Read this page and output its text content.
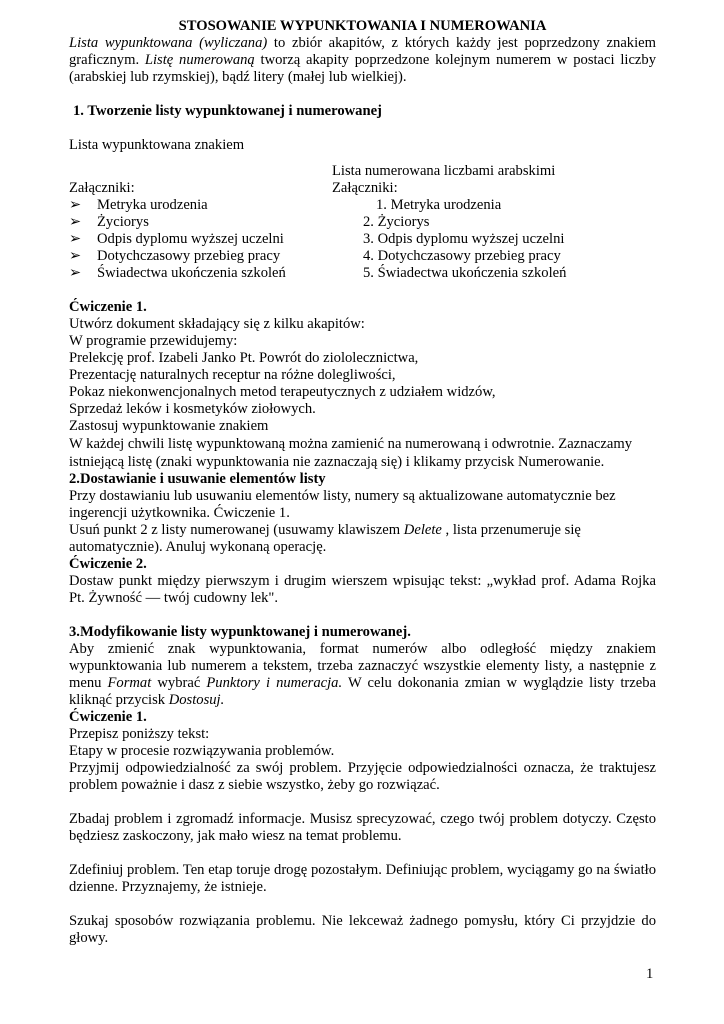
STOSOWANIE WYPUNKTOWANIA I NUMEROWANIA

Lista wypunktowana (wyliczana) to zbiór akapitów, z których każdy jest poprzedzony znakiem graficznym. Listę numerowaną tworzą akapity poprzedzone kolejnym numerem w postaci liczby (arabskiej lub rzymskiej), bądź litery (małej lub wielkiej).

1. Tworzenie listy wypunktowanej i numerowanej

Lista wypunktowana znakiem

Załączniki:

➢ Metryka urodzenia
➢ Życiorys
➢ Odpis dyplomu wyższej uczelni
➢ Dotychczasowy przebieg pracy
➢ Świadectwa ukończenia szkoleń

Lista numerowana liczbami arabskimi

Załączniki:

1. Metryka urodzenia

2. Życiorys

3. Odpis dyplomu wyższej uczelni

4. Dotychczasowy przebieg pracy

5. Świadectwa ukończenia szkoleń

Ćwiczenie 1.

Utwórz dokument składający się z kilku akapitów:

W programie przewidujemy:

Prelekcję prof. Izabeli Janko Pt. Powrót do ziololecznictwa,

Prezentację naturalnych receptur na różne dolegliwości,

Pokaz niekonwencjonalnych metod terapeutycznych z udziałem widzów,

Sprzedaż leków i kosmetyków ziołowych.

Zastosuj wypunktowanie znakiem

W każdej chwili listę wypunktowaną można zamienić na numerowaną i odwrotnie. Zaznaczamy istniejącą listę (znaki wypunktowania nie zaznaczają się) i klikamy przycisk Numerowanie.

2.Dostawianie i usuwanie elementów listy

Przy dostawianiu lub usuwaniu elementów listy, numery są aktualizowane automatycznie bez ingerencji użytkownika. Ćwiczenie 1.

Usuń punkt 2 z listy numerowanej (usuwamy klawiszem Delete , lista przenumeruje się automatycznie). Anuluj wykonaną operację.

Ćwiczenie 2.

Dostaw punkt między pierwszym i drugim wierszem wpisując tekst: „wykład prof. Adama Rojka Pt. Żywność — twój cudowny lek".

3.Modyfikowanie listy wypunktowanej i numerowanej.

Aby zmienić znak wypunktowania, format numerów albo odległość między znakiem wypunktowania lub numerem a tekstem, trzeba zaznaczyć wszystkie elementy listy, a następnie z menu Format wybrać Punktory i numeracja. W celu dokonania zmian w wyglądzie listy trzeba kliknąć przycisk Dostosuj.

Ćwiczenie 1.

Przepisz poniższy tekst:

Etapy w procesie rozwiązywania problemów.

Przyjmij odpowiedzialność za swój problem. Przyjęcie odpowiedzialności oznacza, że traktujesz problem poważnie i dasz z siebie wszystko, żeby go rozwiązać.

Zbadaj problem i zgromadź informacje. Musisz sprecyzować, czego twój problem dotyczy. Często będziesz zaskoczony, jak mało wiesz na temat problemu.

Zdefiniuj problem. Ten etap toruje drogę pozostałym. Definiując problem, wyciągamy go na światło dzienne. Przyznajemy, że istnieje.

Szukaj sposobów rozwiązania problemu. Nie lekceważ żadnego pomysłu, który Ci przyjdzie do głowy.

1
